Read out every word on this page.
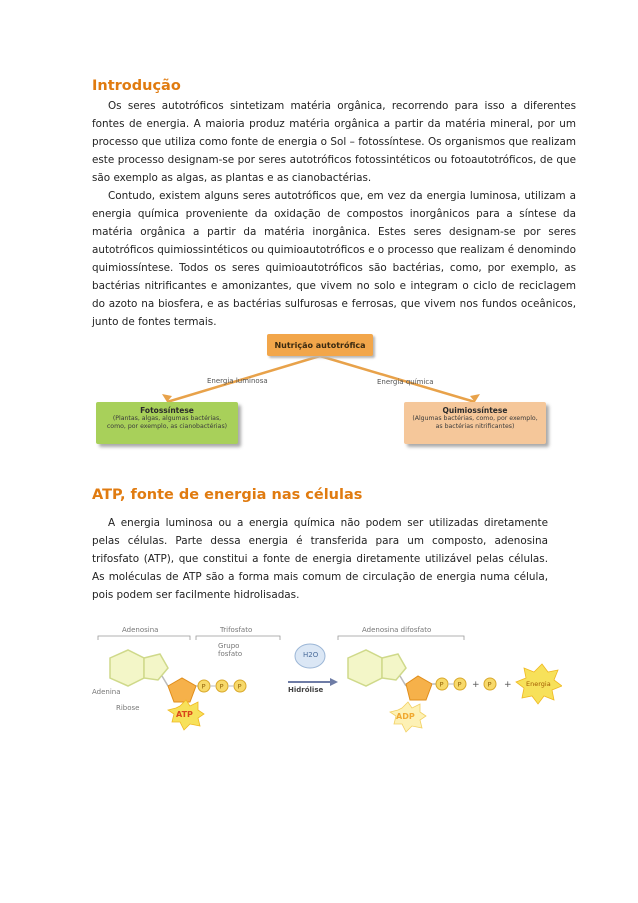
Introdução

Os seres autotróficos sintetizam matéria orgânica, recorrendo para isso a diferentes fontes de energia. A maioria produz matéria orgânica a partir da matéria mineral, por um processo que utiliza como fonte de energia o Sol – fotossíntese. Os organismos que realizam este processo designam-se por seres autotróficos fotossintéticos ou fotoautotróficos, de que são exemplo as algas, as plantas e as cianobactérias.

Contudo, existem alguns seres autotróficos que, em vez da energia luminosa, utilizam a energia química proveniente da oxidação de compostos inorgânicos para a síntese da matéria orgânica a partir da matéria inorgânica. Estes seres designam-se por seres autotróficos quimiossintéticos ou quimioautotróficos e o processo que realizam é denomindo quimiossíntese. Todos os seres quimioautotróficos são bactérias, como, por exemplo, as bactérias nitrificantes e amonizantes, que vivem no solo e integram o ciclo de reciclagem do azoto na biosfera, e as bactérias sulfurosas e ferrosas, que vivem nos fundos oceânicos, junto de fontes termais.

Nutrição autotrófica
Energia luminosa	Energia química
Fotossíntese
(Plantas, algas, algumas bactérias, como, por exemplo, as cianobactérias)
Quimiossíntese
(Algumas bactérias, como, por exemplo, as bactérias nitrificantes)
ATP, fonte de energia nas células

A energia luminosa ou a energia química não podem ser utilizadas diretamente pelas células. Parte dessa energia é transferida para um composto, adenosina trifosfato (ATP), que constitui a fonte de energia diretamente utilizável pelas células. As moléculas de ATP são a forma mais comum de circulação de energia numa célula, pois podem ser facilmente hidrolisadas.

P P P	P P + P +
Adenosina	Trifosfato
Grupo
fosfato
Adenina
Ribose
ATP
H2O
Hidrólise
Adenosina difosfato
ADP
Energia
